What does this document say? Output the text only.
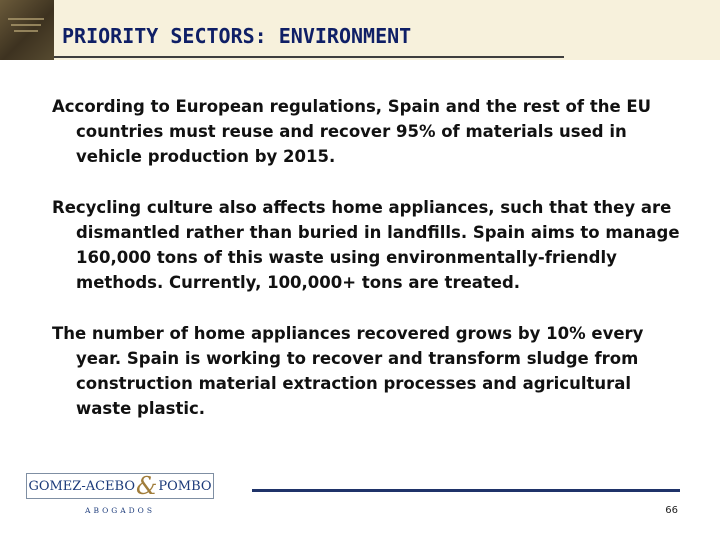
PRIORITY SECTORS: ENVIRONMENT

According to European regulations, Spain and the rest of the EU countries must reuse and recover 95% of materials used in vehicle production by 2015.

Recycling culture also affects home appliances, such that they are dismantled rather than buried in landfills. Spain aims to manage 160,000 tons of this waste using environmentally-friendly methods. Currently, 100,000+ tons are treated.

The number of home appliances recovered grows by 10% every year. Spain is working to recover and transform sludge from construction material extraction processes and agricultural waste plastic.

GOMEZ-ACEBO & POMBO
ABOGADOS	66
